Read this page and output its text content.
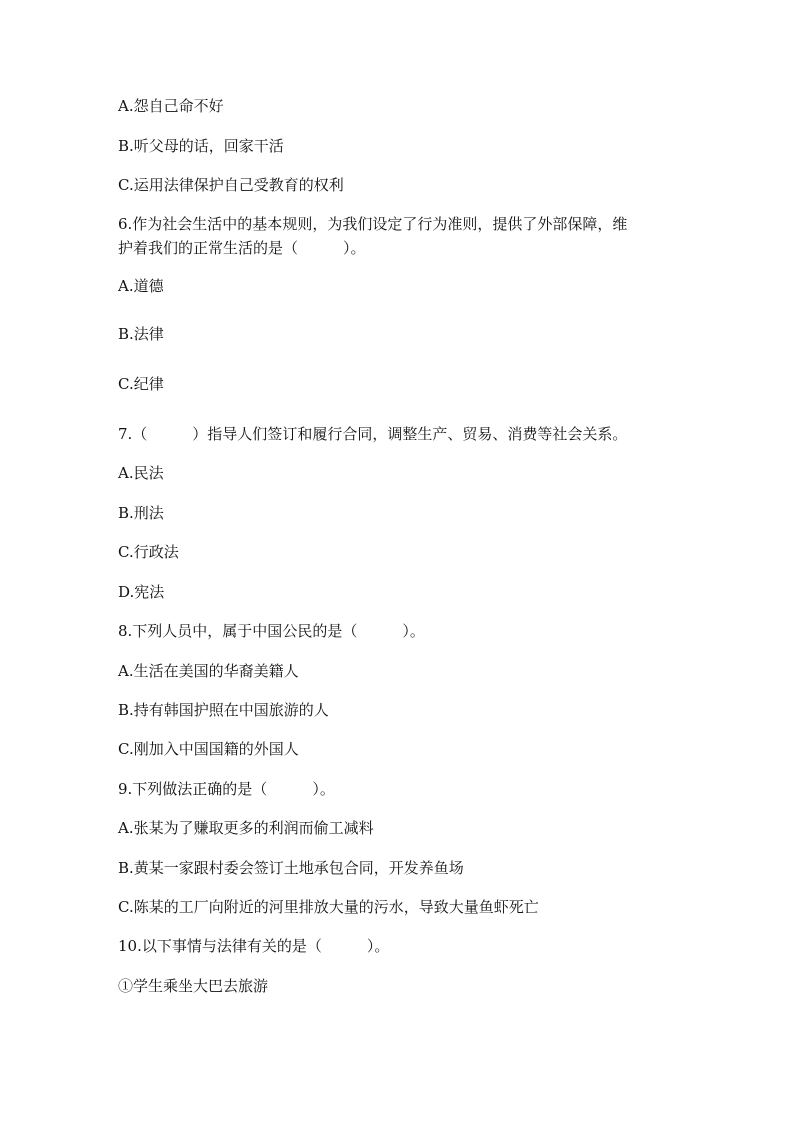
A.怨自己命不好
B.听父母的话，回家干活
C.运用法律保护自己受教育的权利
6.作为社会生活中的基本规则，为我们设定了行为准则，提供了外部保障，维
护着我们的正常生活的是（　　　）。
A.道德
B.法律
C.纪律
7.（　　　）指导人们签订和履行合同，调整生产、贸易、消费等社会关系。
A.民法
B.刑法
C.行政法
D.宪法
8.下列人员中，属于中国公民的是（　　　）。
A.生活在美国的华裔美籍人
B.持有韩国护照在中国旅游的人
C.刚加入中国国籍的外国人
9.下列做法正确的是（　　　）。
A.张某为了赚取更多的利润而偷工减料
B.黄某一家跟村委会签订土地承包合同，开发养鱼场
C.陈某的工厂向附近的河里排放大量的污水，导致大量鱼虾死亡
10.以下事情与法律有关的是（　　　）。
①学生乘坐大巴去旅游
